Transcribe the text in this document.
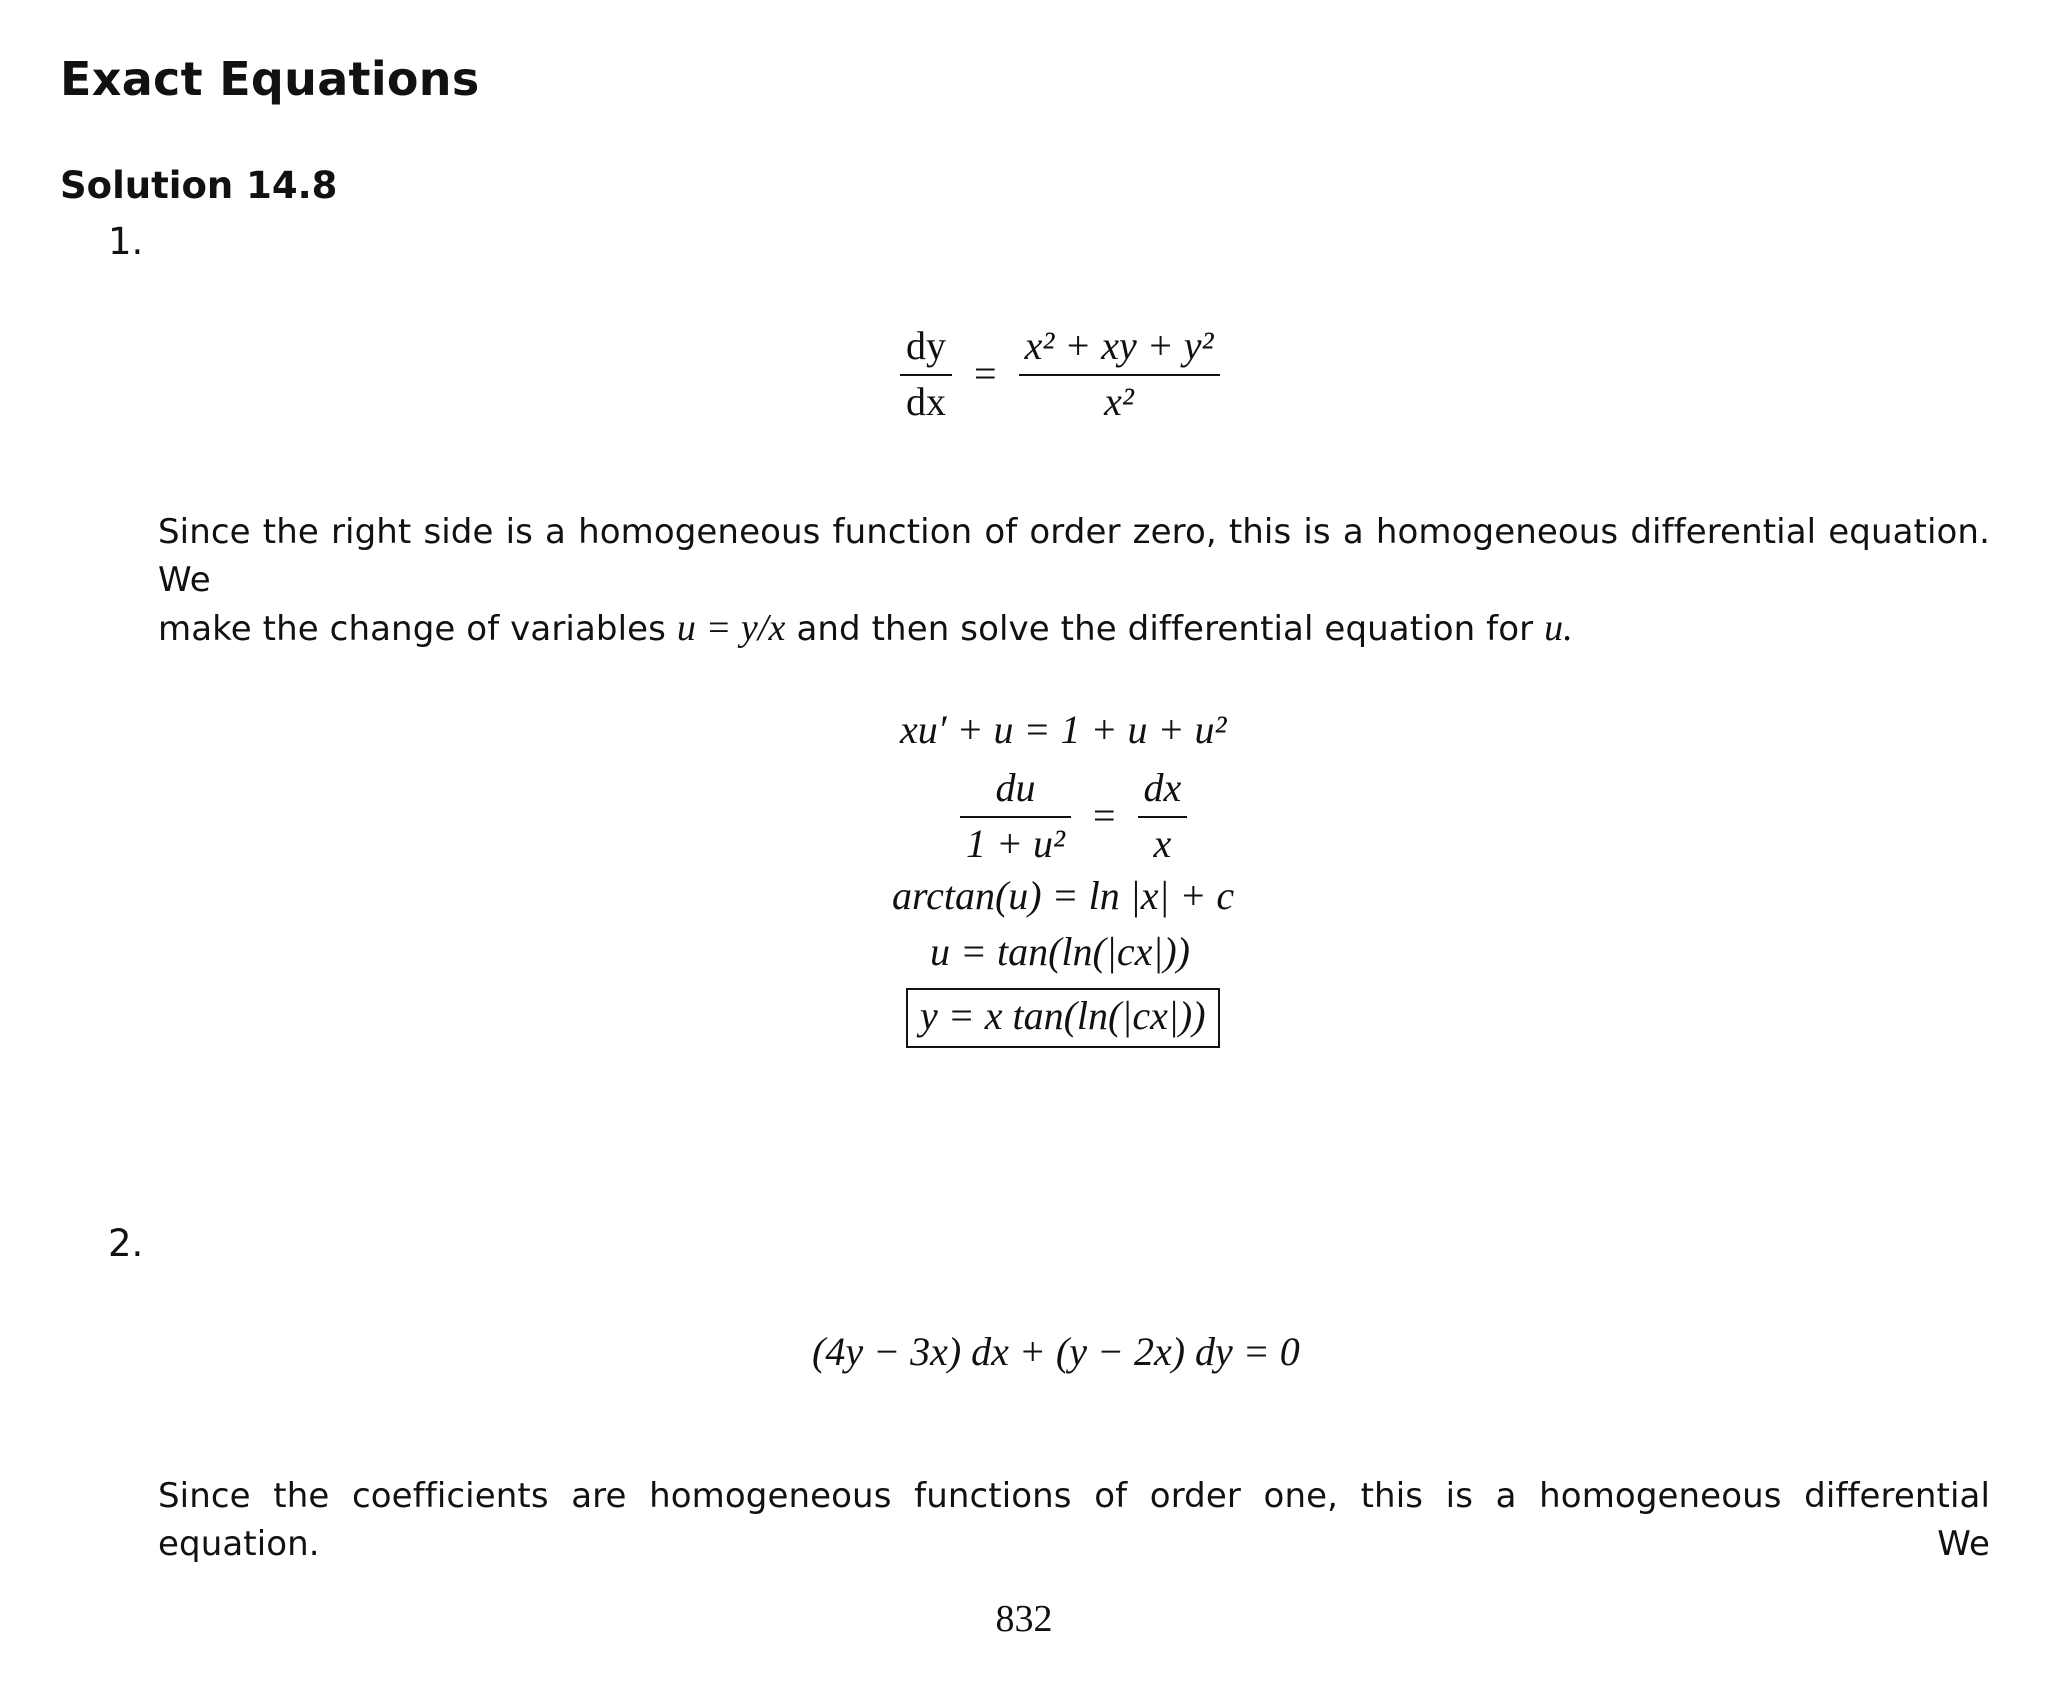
Exact Equations
Solution 14.8
1.
$\frac{dy}{dx} = \frac{\text{x² + xy + y²}}{\text{x²}}$
Since the right side is a homogeneous function of order zero, this is a homogeneous differential equation. We
make the change of variables u = y/x and then solve the differential equation for u.
xu′ + u = 1 + u + u²
$\frac{du}{\text{1 + u²}} = \frac{dx}{x}$
arctan(u) = ln |x| + c
u = tan(ln(|cx|))
y = x tan(ln(|cx|))
2.
(4y − 3x) dx + (y − 2x) dy = 0
Since the coefficients are homogeneous functions of order one, this is a homogeneous differential equation. We
832
